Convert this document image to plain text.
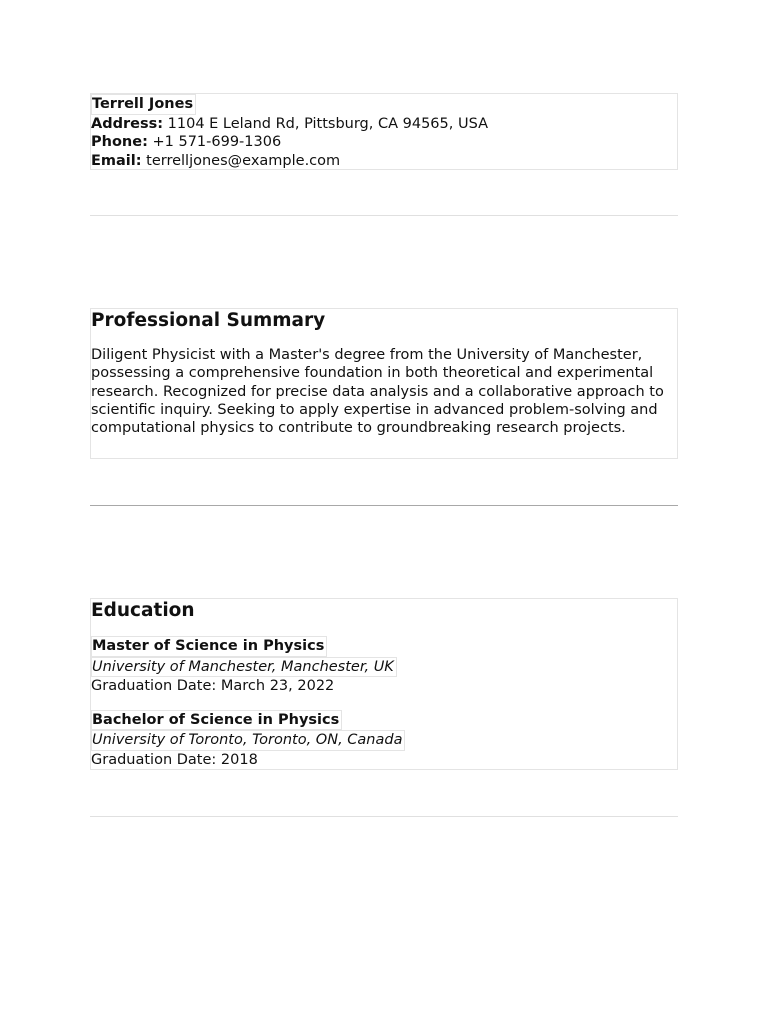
Terrell Jones
Address: 1104 E Leland Rd, Pittsburg, CA 94565, USA
Phone: +1 571-699-1306
Email: terrelljones@example.com
Professional Summary

Diligent Physicist with a Master's degree from the University of Manchester, possessing a comprehensive foundation in both theoretical and experimental research. Recognized for precise data analysis and a collaborative approach to scientific inquiry. Seeking to apply expertise in advanced problem-solving and computational physics to contribute to groundbreaking research projects.

Education
Master of Science in Physics
University of Manchester, Manchester, UK
Graduation Date: March 23, 2022
Bachelor of Science in Physics
University of Toronto, Toronto, ON, Canada
Graduation Date: 2018
